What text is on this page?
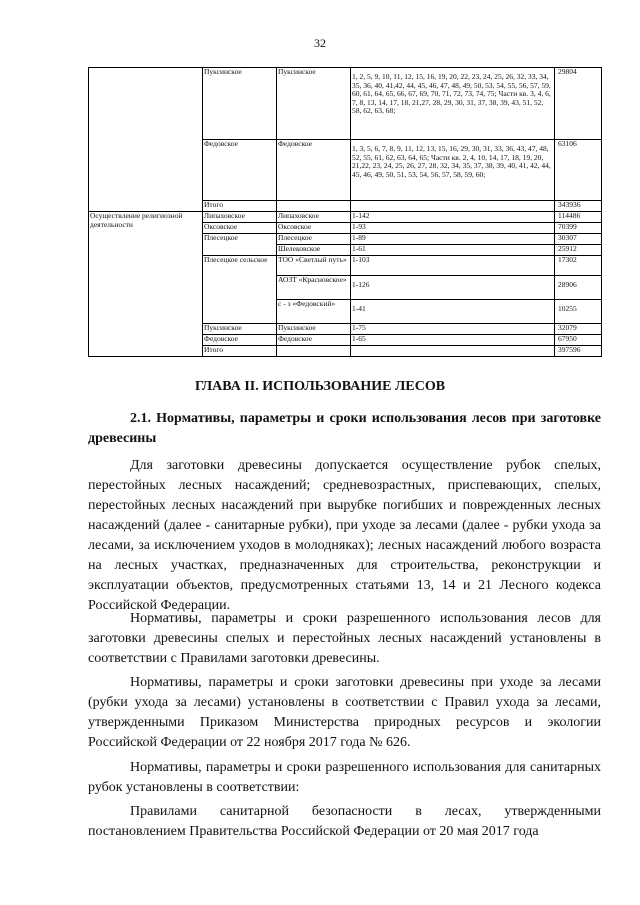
32
	Пуксинское	Пуксинское	1, 2, 5, 9, 10, 11, 12, 15, 16, 19, 20, 22, 23, 24, 25, 26, 32, 33, 34, 35, 36, 40, 41,42, 44, 45, 46, 47, 48, 49, 50, 53, 54, 55, 56, 57, 59, 60, 61, 64, 65, 66, 67, 69, 70, 71, 72, 73, 74, 75; Части кв. 3, 4, 6, 7, 8, 13, 14, 17, 18, 21,27, 28, 29, 30, 31, 37, 38, 39, 43, 51, 52, 58, 62, 63, 68;	29804
	Федовское	Федовское	1, 3, 5, 6, 7, 8, 9, 11, 12, 13, 15, 16, 29, 30, 31, 33, 36, 43, 47, 48, 52, 55, 61, 62, 63, 64, 65; Части кв. 2, 4, 10, 14, 17, 18, 19, 20, 21,22, 23, 24, 25, 26, 27, 28, 32, 34, 35, 37, 38, 39, 40, 41, 42, 44, 45, 46, 49, 50, 51, 53, 54, 56, 57, 58, 59, 60;	63106
	Итого			343936
Осуществление религиозной деятельности	Липаховское	Липаховское	1-142	114486
	Оксовское	Оксовское	1-93	70399
	Плесецкое	Плесецкое	1-89	30307
		Шелековское	1-61	25912
	Плесецкое сельское	ТОО «Светлый путь»	1-103	17302
		АОЗТ «Красновское»	1-126	28906
		с - з «Федовский»	1-41	10255
	Пуксинское	Пуксинское	1-75	32079
	Федовское	Федовское	1-65	67950
	Итого			397596
ГЛАВА II. ИСПОЛЬЗОВАНИЕ ЛЕСОВ
2.1. Нормативы, параметры и сроки использования лесов при заготовке древесины

Для заготовки древесины допускается осуществление рубок спелых, перестойных лесных насаждений; средневозрастных, приспевающих, спелых, перестойных лесных насаждений при вырубке погибших и поврежденных лесных насаждений (далее - санитарные рубки), при уходе за лесами (далее - рубки ухода за лесами, за исключением уходов в молодняках); лесных насаждений любого возраста на лесных участках, предназначенных для строительства, реконструкции и эксплуатации объектов, предусмотренных статьями 13, 14 и 21 Лесного кодекса Российской Федерации.

Нормативы, параметры и сроки разрешенного использования лесов для заготовки древесины спелых и перестойных лесных насаждений установлены в соответствии с Правилами заготовки древесины.

Нормативы, параметры и сроки заготовки древесины при уходе за лесами (рубки ухода за лесами) установлены в соответствии с Правил ухода за лесами, утвержденными Приказом Министерства природных ресурсов и экологии Российской Федерации от 22 ноября 2017 года № 626.

Нормативы, параметры и сроки разрешенного использования для санитарных рубок установлены в соответствии:

Правилами санитарной безопасности в лесах, утвержденными постановлением Правительства Российской Федерации от 20 мая 2017 года
